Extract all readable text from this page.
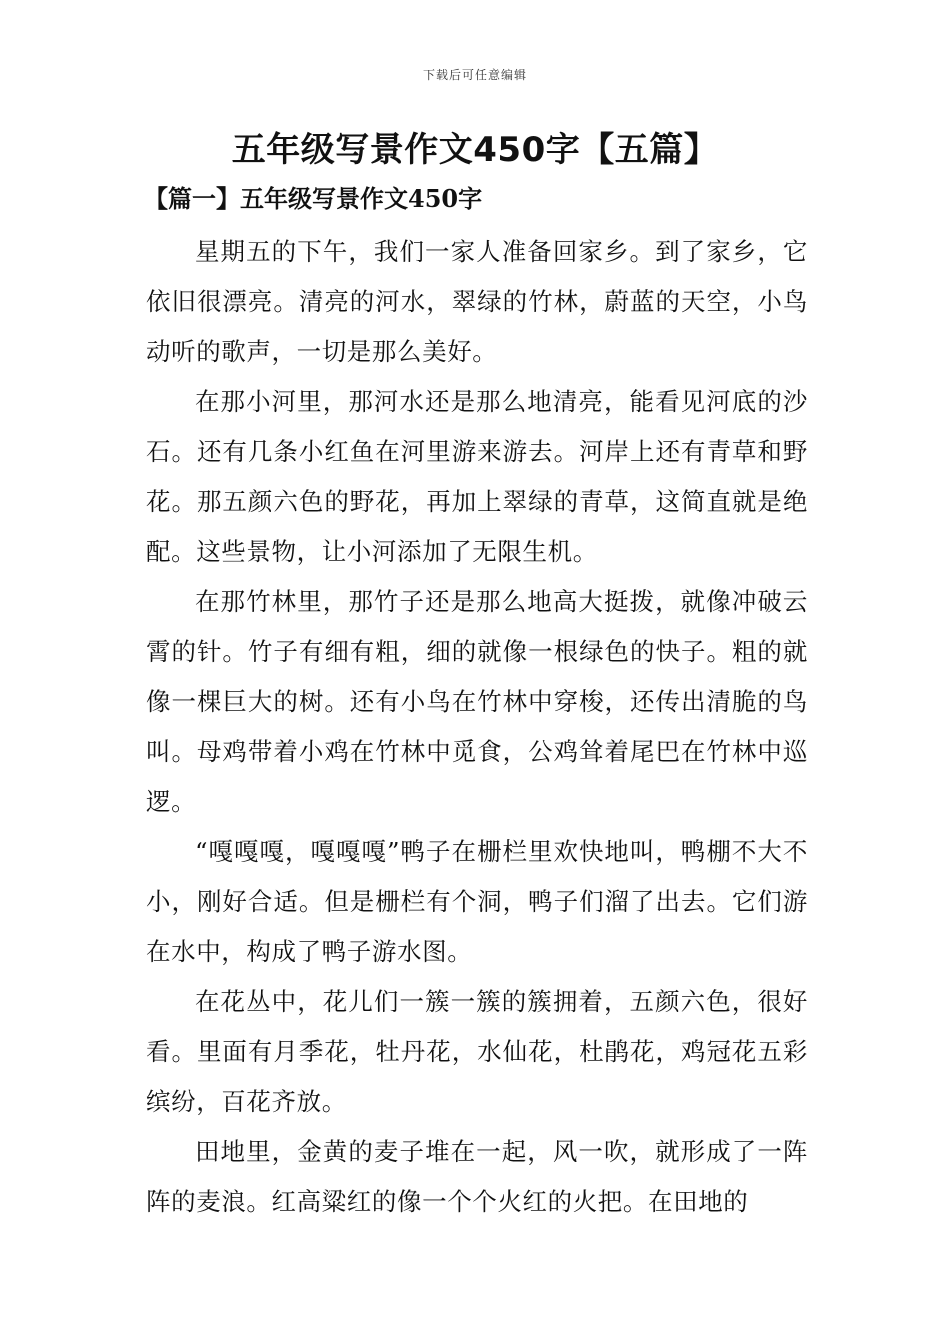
下载后可任意编辑
五年级写景作文450字【五篇】
【篇一】五年级写景作文450字

星期五的下午，我们一家人准备回家乡。到了家乡，它依旧很漂亮。清亮的河水，翠绿的竹林，蔚蓝的天空，小鸟动听的歌声，一切是那么美好。

在那小河里，那河水还是那么地清亮，能看见河底的沙石。还有几条小红鱼在河里游来游去。河岸上还有青草和野花。那五颜六色的野花，再加上翠绿的青草，这简直就是绝配。这些景物，让小河添加了无限生机。

在那竹林里，那竹子还是那么地高大挺拨，就像冲破云霄的针。竹子有细有粗，细的就像一根绿色的快子。粗的就像一棵巨大的树。还有小鸟在竹林中穿梭，还传出清脆的鸟叫。母鸡带着小鸡在竹林中觅食，公鸡耸着尾巴在竹林中巡逻。

“嘎嘎嘎，嘎嘎嘎”鸭子在栅栏里欢快地叫，鸭棚不大不小，刚好合适。但是栅栏有个洞，鸭子们溜了出去。它们游在水中，构成了鸭子游水图。

在花丛中，花儿们一簇一簇的簇拥着，五颜六色，很好看。里面有月季花，牡丹花，水仙花，杜鹃花，鸡冠花五彩缤纷，百花齐放。

田地里，金黄的麦子堆在一起，风一吹，就形成了一阵阵的麦浪。红高粱红的像一个个火红的火把。在田地的
